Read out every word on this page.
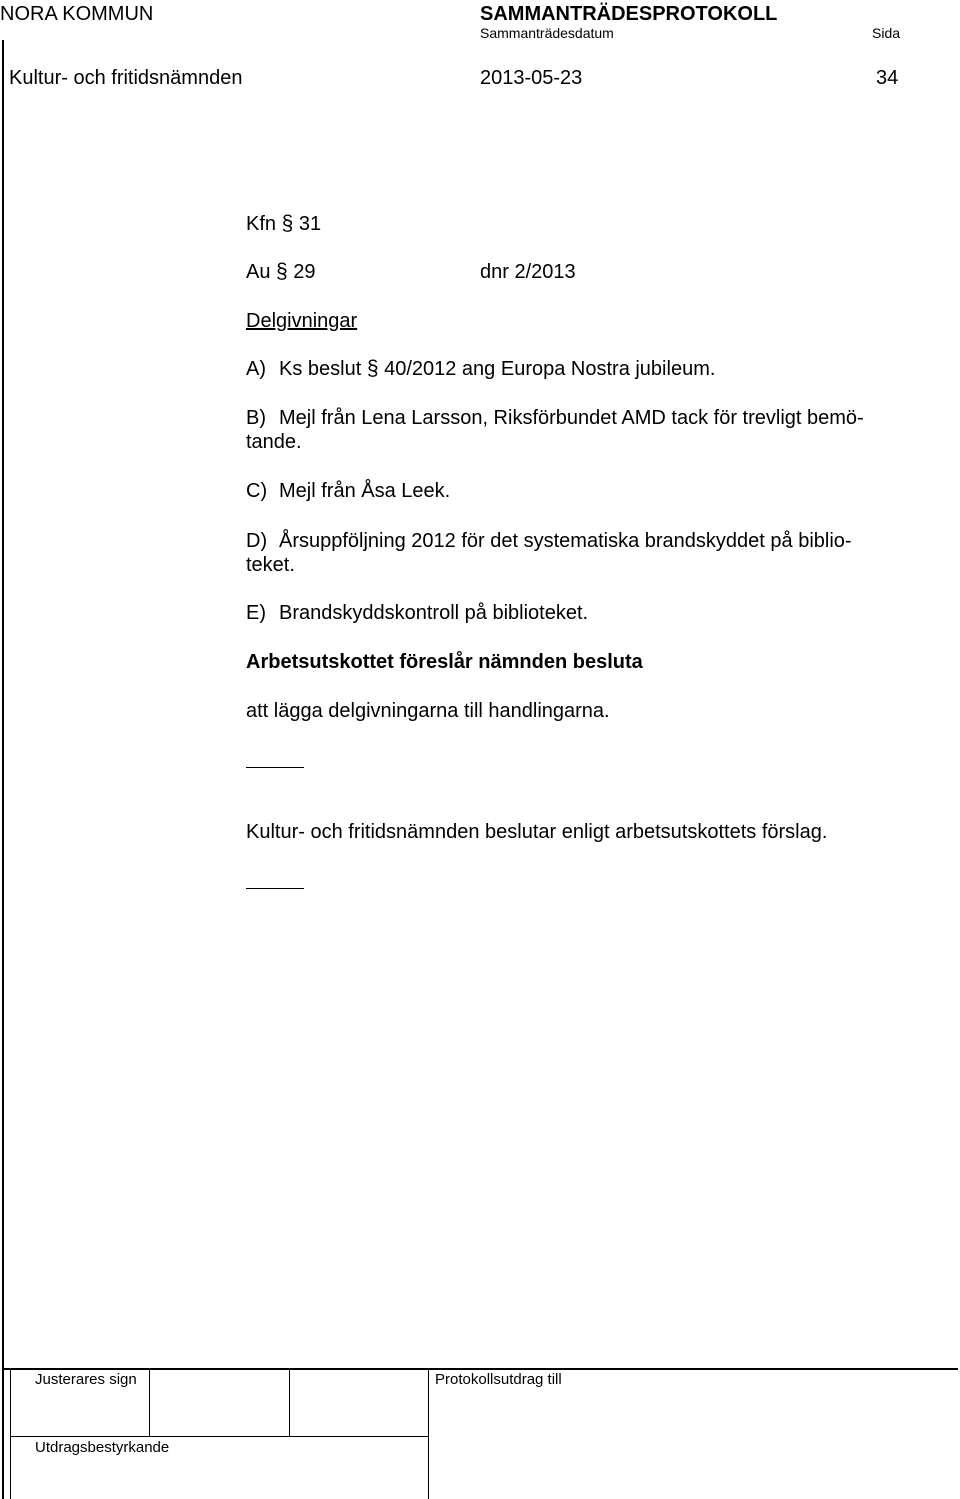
NORA KOMMUN	SAMMANTRÄDESPROTOKOLL
Sammanträdesdatum	Sida
Kultur- och fritidsnämnden	2013-05-23	34
Kfn § 31
Au § 29	dnr 2/2013
Delgivningar
A) Ks beslut § 40/2012 ang Europa Nostra jubileum.
B) Mejl från Lena Larsson, Riksförbundet AMD tack för trevligt bemö-
tande.
C) Mejl från Åsa Leek.
D) Årsuppföljning 2012 för det systematiska brandskyddet på biblio-
teket.
E) Brandskyddskontroll på biblioteket.
Arbetsutskottet föreslår nämnden besluta
att lägga delgivningarna till handlingarna.
Kultur- och fritidsnämnden beslutar enligt arbetsutskottets förslag.
Justerares sign	Protokollsutdrag till
Utdragsbestyrkande
